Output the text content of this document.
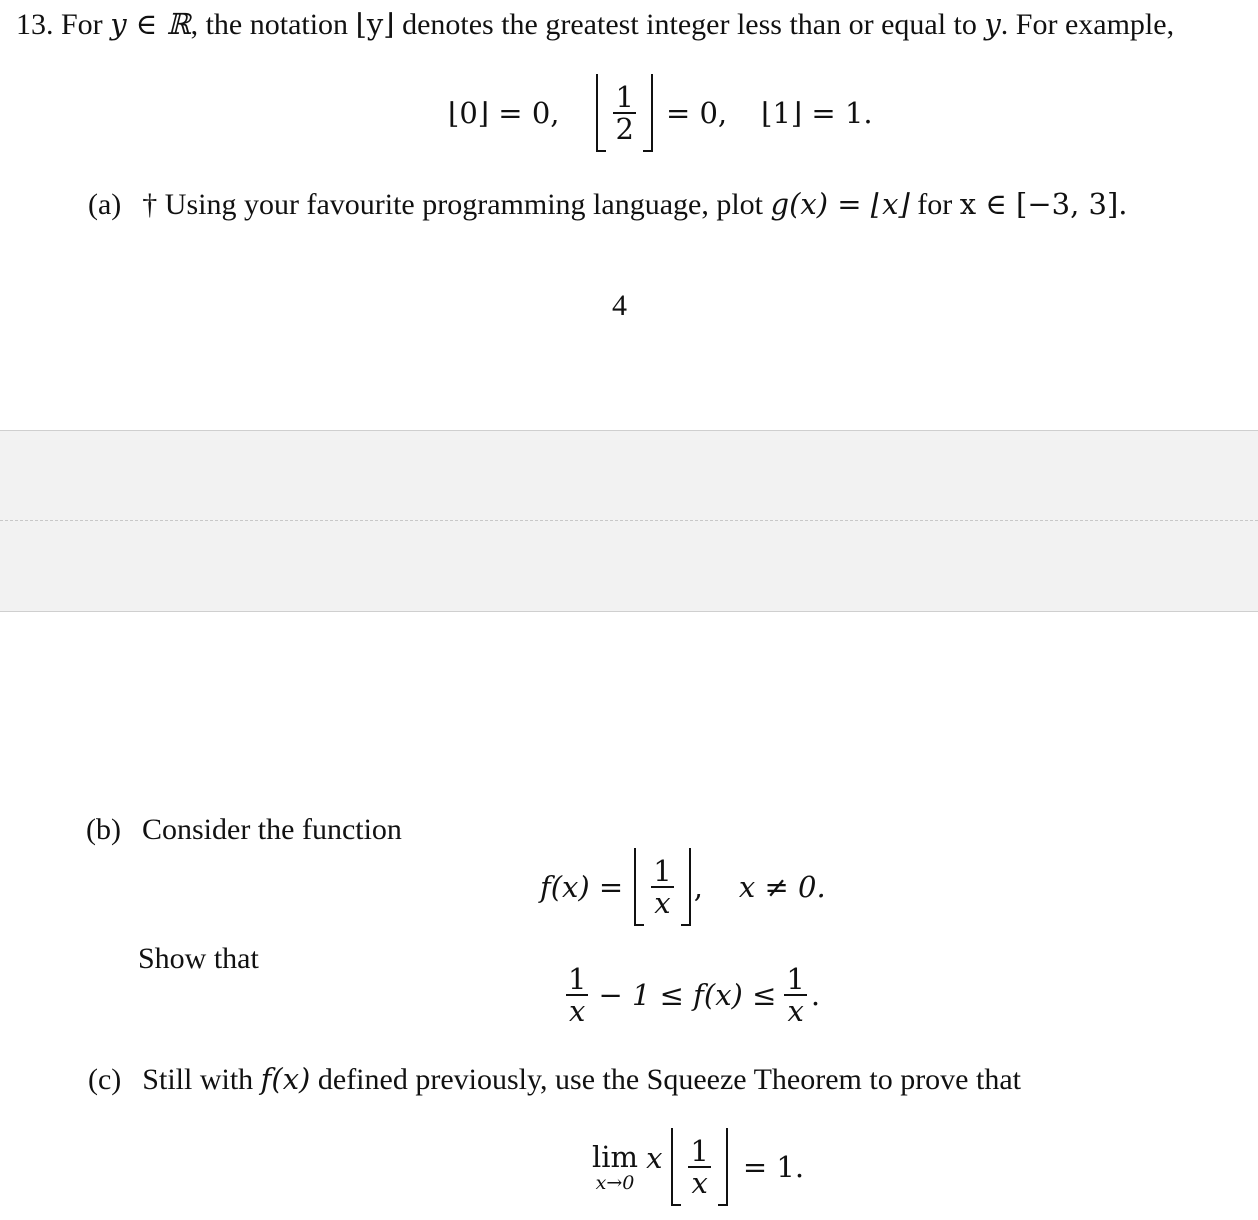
13. For y ∈ ℝ, the notation ⌊y⌋ denotes the greatest integer less than or equal to y. For example,
⌊0⌋ = 0, $\frac{1}{2} = 0$, ⌊1⌋ = 1.
(a) † Using your favourite programming language, plot g(x) = ⌊x⌋ for x ∈ [−3, 3].
4
(b) Consider the function
$f(x) = \frac{1}{x}$ , x ≠ 0.
Show that
$\frac{1}{x} - 1 \le f(x) \le \frac{1}{x}$ .
(c) Still with f(x) defined previously, use the Squeeze Theorem to prove that
lim
x→0
x $\frac{1}{x} = 1$.
